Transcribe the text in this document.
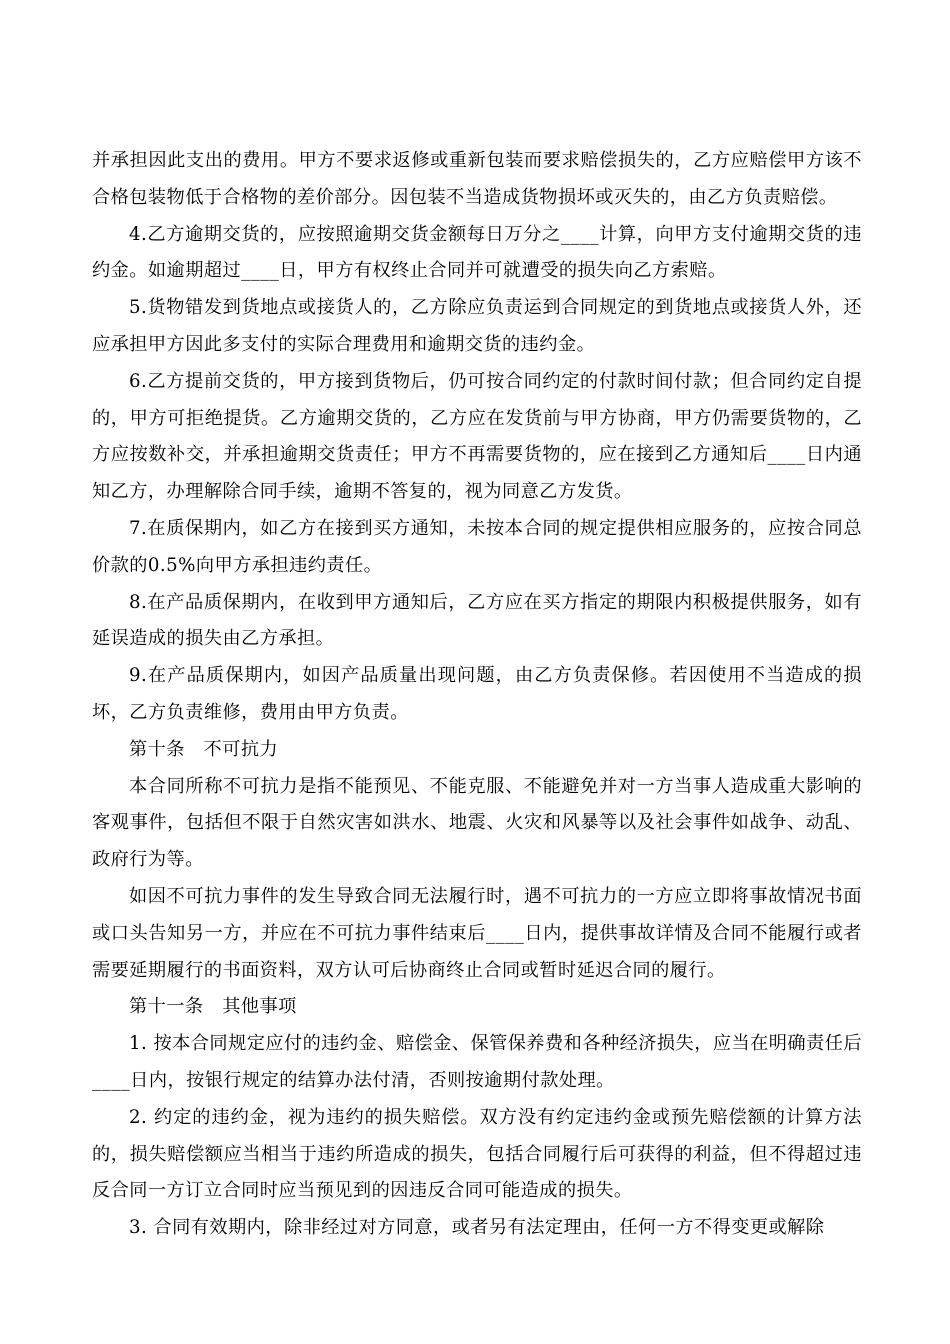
并承担因此支出的费用。甲方不要求返修或重新包装而要求赔偿损失的，乙方应赔偿甲方该不合格包装物低于合格物的差价部分。因包装不当造成货物损坏或灭失的，由乙方负责赔偿。

4.乙方逾期交货的，应按照逾期交货金额每日万分之____计算，向甲方支付逾期交货的违约金。如逾期超过____日，甲方有权终止合同并可就遭受的损失向乙方索赔。

5.货物错发到货地点或接货人的，乙方除应负责运到合同规定的到货地点或接货人外，还应承担甲方因此多支付的实际合理费用和逾期交货的违约金。

6.乙方提前交货的，甲方接到货物后，仍可按合同约定的付款时间付款；但合同约定自提的，甲方可拒绝提货。乙方逾期交货的，乙方应在发货前与甲方协商，甲方仍需要货物的，乙方应按数补交，并承担逾期交货责任；甲方不再需要货物的，应在接到乙方通知后____日内通知乙方，办理解除合同手续，逾期不答复的，视为同意乙方发货。

7.在质保期内，如乙方在接到买方通知，未按本合同的规定提供相应服务的，应按合同总价款的0.5%向甲方承担违约责任。

8.在产品质保期内，在收到甲方通知后，乙方应在买方指定的期限内积极提供服务，如有延误造成的损失由乙方承担。

9.在产品质保期内，如因产品质量出现问题，由乙方负责保修。若因使用不当造成的损坏，乙方负责维修，费用由甲方负责。

第十条　不可抗力

本合同所称不可抗力是指不能预见、不能克服、不能避免并对一方当事人造成重大影响的客观事件，包括但不限于自然灾害如洪水、地震、火灾和风暴等以及社会事件如战争、动乱、政府行为等。

如因不可抗力事件的发生导致合同无法履行时，遇不可抗力的一方应立即将事故情况书面或口头告知另一方，并应在不可抗力事件结束后____日内，提供事故详情及合同不能履行或者需要延期履行的书面资料，双方认可后协商终止合同或暂时延迟合同的履行。

第十一条　其他事项

1. 按本合同规定应付的违约金、赔偿金、保管保养费和各种经济损失，应当在明确责任后____日内，按银行规定的结算办法付清，否则按逾期付款处理。

2. 约定的违约金，视为违约的损失赔偿。双方没有约定违约金或预先赔偿额的计算方法的，损失赔偿额应当相当于违约所造成的损失，包括合同履行后可获得的利益，但不得超过违反合同一方订立合同时应当预见到的因违反合同可能造成的损失。

3. 合同有效期内，除非经过对方同意，或者另有法定理由，任何一方不得变更或解除
